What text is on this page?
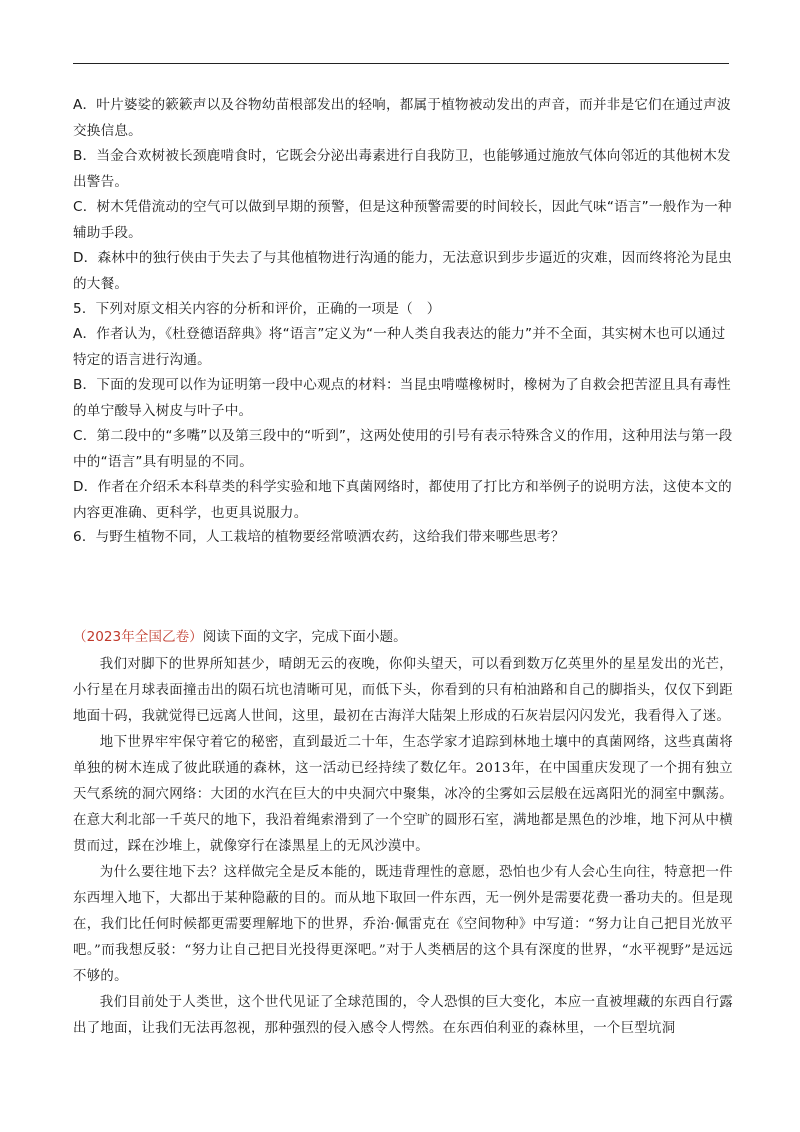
A．叶片婆娑的簌簌声以及谷物幼苗根部发出的轻响，都属于植物被动发出的声音，而并非是它们在通过声波交换信息。
B．当金合欢树被长颈鹿啃食时，它既会分泌出毒素进行自我防卫，也能够通过施放气体向邻近的其他树木发出警告。
C．树木凭借流动的空气可以做到早期的预警，但是这种预警需要的时间较长，因此气味“语言”一般作为一种辅助手段。
D．森林中的独行侠由于失去了与其他植物进行沟通的能力，无法意识到步步逼近的灾难，因而终将沦为昆虫的大餐。
5．下列对原文相关内容的分析和评价，正确的一项是（　）
A．作者认为，《杜登德语辞典》将“语言”定义为“一种人类自我表达的能力”并不全面，其实树木也可以通过特定的语言进行沟通。
B．下面的发现可以作为证明第一段中心观点的材料：当昆虫啃噬橡树时，橡树为了自救会把苦涩且具有毒性的单宁酸导入树皮与叶子中。
C．第二段中的“多嘴”以及第三段中的“听到”，这两处使用的引号有表示特殊含义的作用，这种用法与第一段中的“语言”具有明显的不同。
D．作者在介绍禾本科草类的科学实验和地下真菌网络时，都使用了打比方和举例子的说明方法，这使本文的内容更准确、更科学，也更具说服力。
6．与野生植物不同，人工栽培的植物要经常喷洒农药，这给我们带来哪些思考？
（2023年全国乙卷）阅读下面的文字，完成下面小题。

我们对脚下的世界所知甚少，晴朗无云的夜晚，你仰头望天，可以看到数万亿英里外的星星发出的光芒，小行星在月球表面撞击出的陨石坑也清晰可见，而低下头，你看到的只有柏油路和自己的脚指头，仅仅下到距地面十码，我就觉得已远离人世间，这里，最初在古海洋大陆架上形成的石灰岩层闪闪发光，我看得入了迷。

地下世界牢牢保守着它的秘密，直到最近二十年，生态学家才追踪到林地土壤中的真菌网络，这些真菌将单独的树木连成了彼此联通的森林，这一活动已经持续了数亿年。2013年，在中国重庆发现了一个拥有独立天气系统的洞穴网络：大团的水汽在巨大的中央洞穴中聚集，冰冷的尘雾如云层般在远离阳光的洞室中飘荡。在意大利北部一千英尺的地下，我沿着绳索滑到了一个空旷的圆形石室，满地都是黑色的沙堆，地下河从中横贯而过，踩在沙堆上，就像穿行在漆黑星上的无风沙漠中。

为什么要往地下去？这样做完全是反本能的，既违背理性的意愿，恐怕也少有人会心生向往，特意把一件东西埋入地下，大都出于某种隐蔽的目的。而从地下取回一件东西，无一例外是需要花费一番功夫的。但是现在，我们比任何时候都更需要理解地下的世界，乔治·佩雷克在《空间物种》中写道：“努力让自己把目光放平吧。”而我想反驳：“努力让自己把目光投得更深吧。”对于人类栖居的这个具有深度的世界，“水平视野”是远远不够的。

我们目前处于人类世，这个世代见证了全球范围的，令人恐惧的巨大变化，本应一直被埋藏的东西自行露出了地面，让我们无法再忽视，那种强烈的侵入感令人愕然。在东西伯利亚的森林里，一个巨型坑洞
